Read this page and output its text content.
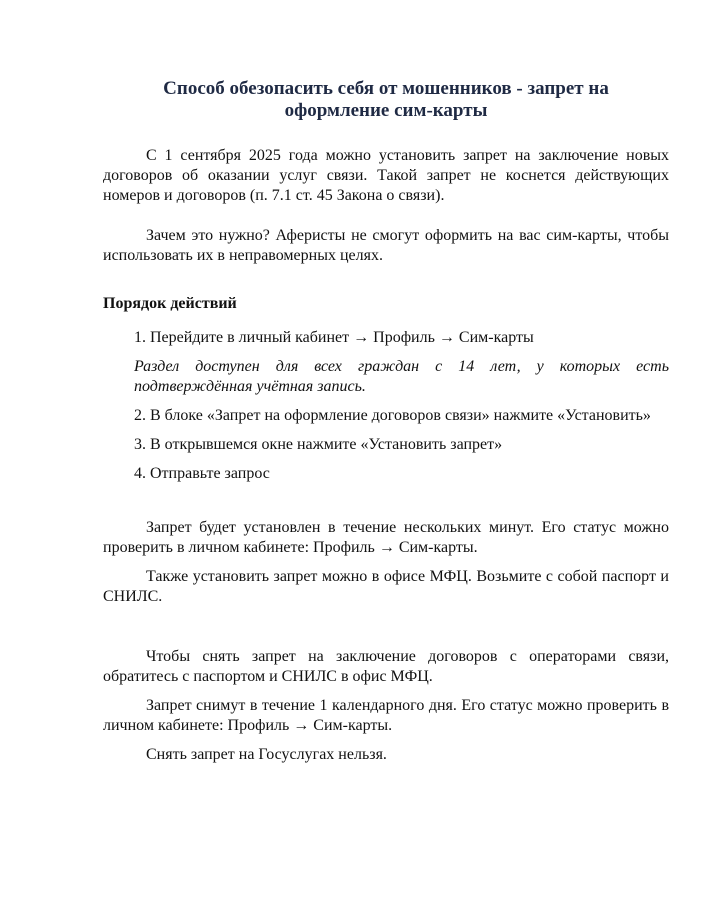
Способ обезопасить себя от мошенников - запрет на
оформление сим-карты

С 1 сентября 2025 года можно установить запрет на заключение новых договоров об оказании услуг связи. Такой запрет не коснется действующих номеров и договоров (п. 7.1 ст. 45 Закона о связи).

Зачем это нужно? Аферисты не смогут оформить на вас сим-карты, чтобы использовать их в неправомерных целях.

Порядок действий
1. Перейдите в личный кабинет → Профиль → Сим-карты
Раздел доступен для всех граждан с 14 лет, у которых есть подтверждённая учётная запись.
2. В блоке «Запрет на оформление договоров связи» нажмите «Установить»
3. В открывшемся окне нажмите «Установить запрет»
4. Отправьте запрос

Запрет будет установлен в течение нескольких минут. Его статус можно проверить в личном кабинете: Профиль → Сим-карты.

Также установить запрет можно в офисе МФЦ. Возьмите с собой паспорт и СНИЛС.

Чтобы снять запрет на заключение договоров с операторами связи, обратитесь с паспортом и СНИЛС в офис МФЦ.

Запрет снимут в течение 1 календарного дня. Его статус можно проверить в личном кабинете: Профиль → Сим-карты.

Снять запрет на Госуслугах нельзя.
